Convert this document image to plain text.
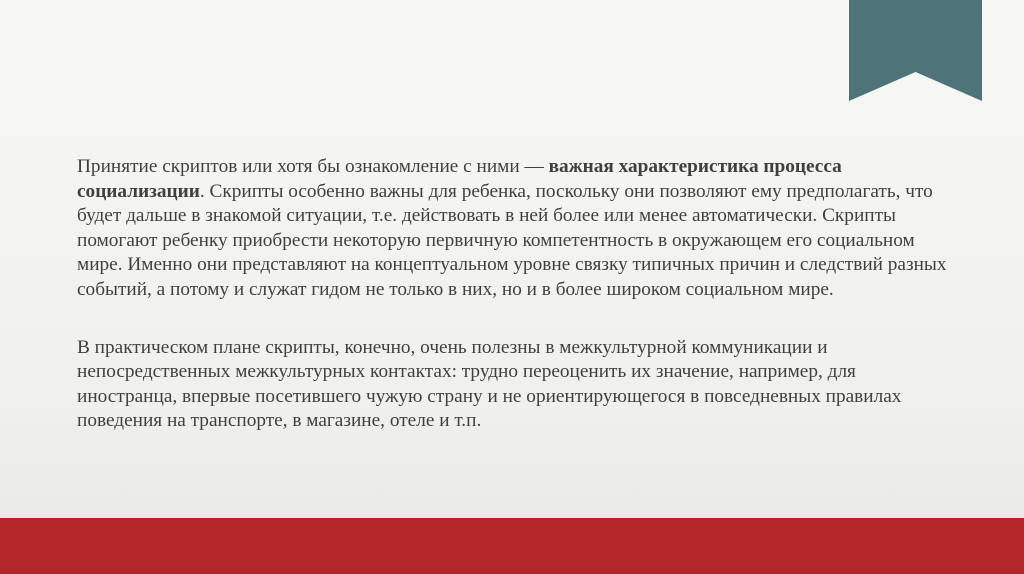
Принятие скриптов или хотя бы ознакомление с ними — важная характеристика процесса социализации. Скрипты особенно важны для ребенка, поскольку они позволяют ему предполагать, что будет дальше в знакомой ситуации, т.е. действовать в ней более или менее автоматически. Скрипты помогают ребенку приобрести некоторую первичную компетентность в окружающем его социальном мире. Именно они представляют на концептуальном уровне связку типичных причин и следствий разных событий, а потому и служат гидом не только в них, но и в более широком социальном мире.

В практическом плане скрипты, конечно, очень полезны в межкультурной коммуникации и непосредственных межкультурных контактах: трудно переоценить их значение, например, для иностранца, впервые посетившего чужую страну и не ориентирующегося в повседневных правилах поведения на транспорте, в магазине, отеле и т.п.
